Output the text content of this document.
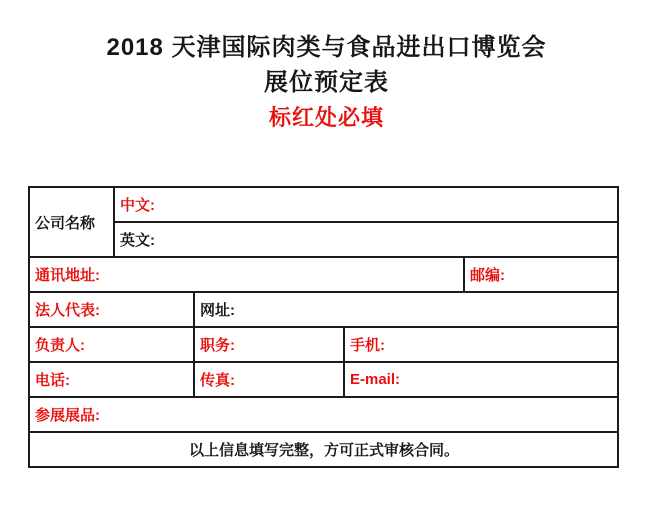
2018 天津国际肉类与食品进出口博览会
展位预定表
标红处必填
公司名称	中文:			
	英文:			
通讯地址:				邮编:
法人代表:		网址:		
负责人:		职务:	手机:	
电话:		传真:	E-mail:	
参展展品:				
以上信息填写完整，方可正式审核合同。				
